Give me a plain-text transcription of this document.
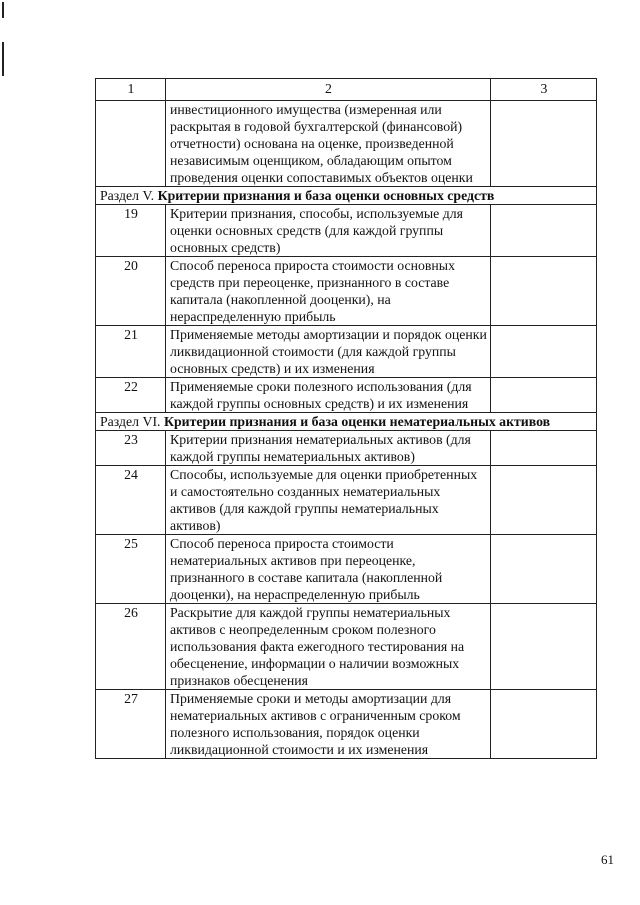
1	2	3
	инвестиционного имущества (измеренная или раскрытая в годовой бухгалтерской (финансовой) отчетности) основана на оценке, произведенной независимым оценщиком, обладающим опытом проведения оценки сопоставимых объектов оценки	
Раздел V. Критерии признания и база оценки основных средств		
19	Критерии признания, способы, используемые для оценки основных средств (для каждой группы основных средств)	
20	Способ переноса прироста стоимости основных средств при переоценке, признанного в составе капитала (накопленной дооценки), на нераспределенную прибыль	
21	Применяемые методы амортизации и порядок оценки ликвидационной стоимости (для каждой группы основных средств) и их изменения	
22	Применяемые сроки полезного использования (для каждой группы основных средств) и их изменения	
Раздел VI. Критерии признания и база оценки нематериальных активов		
23	Критерии признания нематериальных активов (для каждой группы нематериальных активов)	
24	Способы, используемые для оценки приобретенных и самостоятельно созданных нематериальных активов (для каждой группы нематериальных активов)	
25	Способ переноса прироста стоимости нематериальных активов при переоценке, признанного в составе капитала (накопленной дооценки), на нераспределенную прибыль	
26	Раскрытие для каждой группы нематериальных активов с неопределенным сроком полезного использования факта ежегодного тестирования на обесценение, информации о наличии возможных признаков обесценения	
27	Применяемые сроки и методы амортизации для нематериальных активов с ограниченным сроком полезного использования, порядок оценки ликвидационной стоимости и их изменения	
61
